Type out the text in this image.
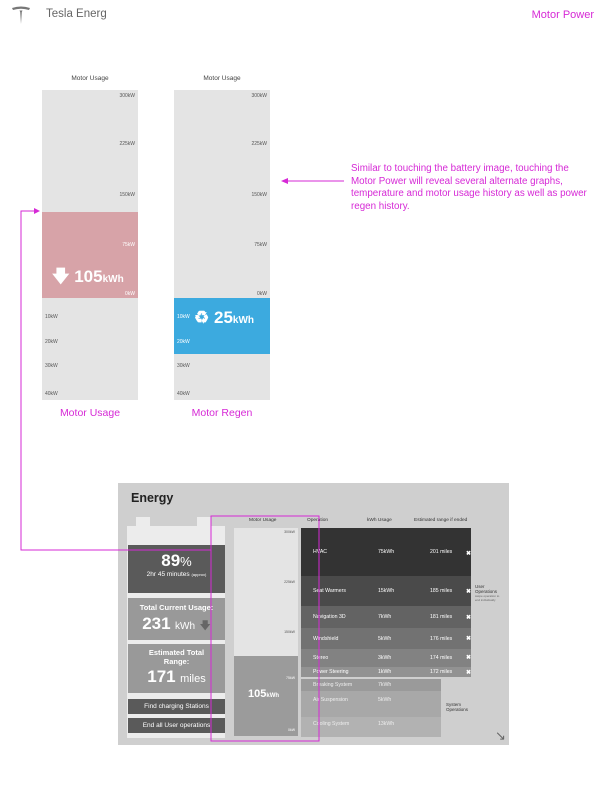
Tesla Energ	Motor Power
Motor Usage
300kW
225kW
150kW
75kW
0kW
🡇 105kWh
10kW
20kW
30kW
40kW
Motor Usage
Motor Usage
300kW
225kW
150kW
75kW
0kW
10kW
20kW
♻ 25kWh
30kW
40kW
Motor Regen
Similar to touching the battery image, touching the Motor Power will reveal several alternate graphs, temperature and motor usage history as well as power regen history.
Energy
89%
2hr 45 minutes (approx)
Total Current Usage:
231 kWh 🡇
Estimated Total Range:
171 miles
Find charging Stations
End all User operations
Motor Usage
300kW
225kW
150kW
75kW
0kW
105kWh
Operation	kWh Usage	Estimated range if ended
HVAC	75kWh	201 miles
Seat Warmers	15kWh	185 miles
Navigation 3D	7kWh	181 miles
Windshield	5kWh	176 miles
Stereo	3kWh	174 miles
Power Steering	1kWh	172 miles
✖
✖
✖
✖
✖
✖
User Operations
swipe operation to end individually
Breaking System	7kWh
Air Suspension	5kWh
Cooling System	13kWh
System Operations
↘
